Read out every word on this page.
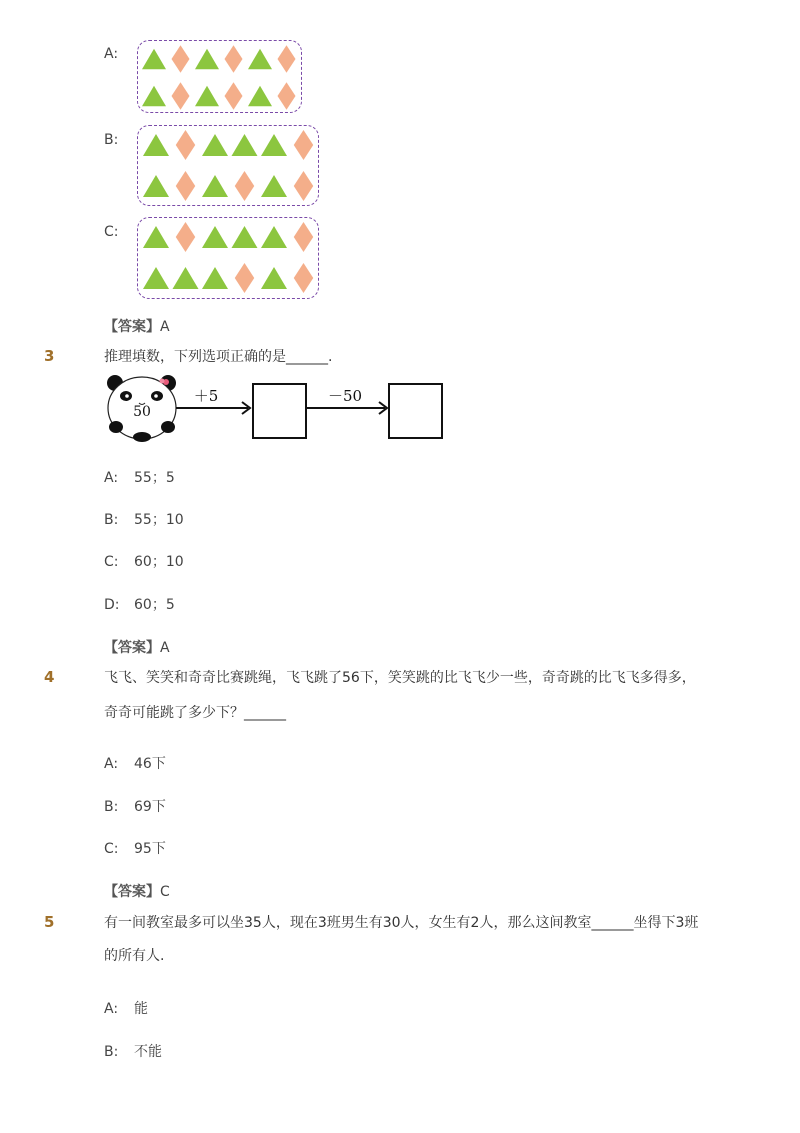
A:
B:
C:
【答案】A
3	推理填数，下列选项正确的是______.
50
＋5	－50
A: 55；5
B: 55；10
C: 60；10
D: 60；5
【答案】A
4	飞飞、笑笑和奇奇比赛跳绳，飞飞跳了56下，笑笑跳的比飞飞少一些，奇奇跳的比飞飞多得多，
奇奇可能跳了多少下？______
A: 46下
B: 69下
C: 95下
【答案】C
5	有一间教室最多可以坐35人，现在3班男生有30人，女生有2人，那么这间教室______坐得下3班
的所有人.
A: 能
B: 不能
